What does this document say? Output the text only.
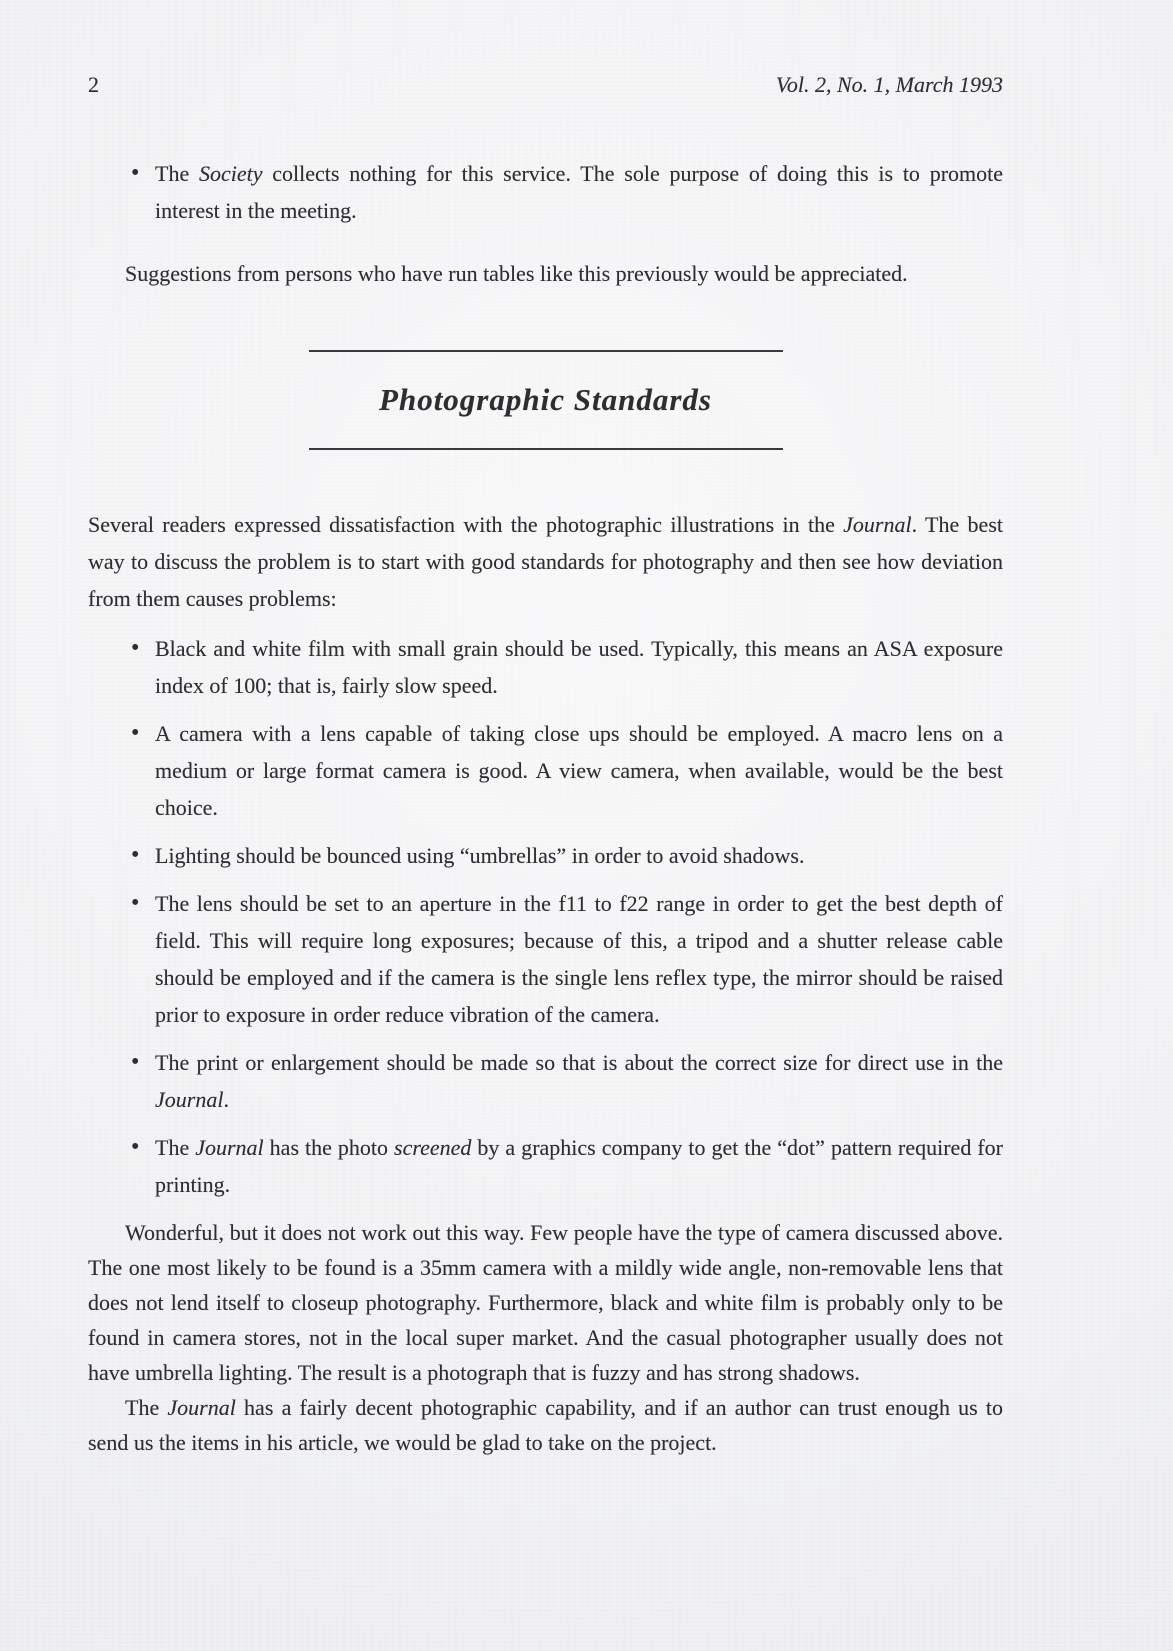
2	Vol. 2, No. 1, March 1993
• The Society collects nothing for this service. The sole purpose of doing this is to promote interest in the meeting.

Suggestions from persons who have run tables like this previously would be appreciated.

Photographic Standards

Several readers expressed dissatisfaction with the photographic illustrations in the Journal. The best way to discuss the problem is to start with good standards for photography and then see how deviation from them causes problems:

• Black and white film with small grain should be used. Typically, this means an ASA exposure index of 100; that is, fairly slow speed.
• A camera with a lens capable of taking close ups should be employed. A macro lens on a medium or large format camera is good. A view camera, when available, would be the best choice.
• Lighting should be bounced using “umbrellas” in order to avoid shadows.
• The lens should be set to an aperture in the f11 to f22 range in order to get the best depth of field. This will require long exposures; because of this, a tripod and a shutter release cable should be employed and if the camera is the single lens reflex type, the mirror should be raised prior to exposure in order reduce vibration of the camera.
• The print or enlargement should be made so that is about the correct size for direct use in the Journal.
• The Journal has the photo screened by a graphics company to get the “dot” pattern required for printing.

Wonderful, but it does not work out this way. Few people have the type of camera discussed above. The one most likely to be found is a 35mm camera with a mildly wide angle, non-removable lens that does not lend itself to closeup photography. Furthermore, black and white film is probably only to be found in camera stores, not in the local super market. And the casual photographer usually does not have umbrella lighting. The result is a photograph that is fuzzy and has strong shadows.

The Journal has a fairly decent photographic capability, and if an author can trust enough us to send us the items in his article, we would be glad to take on the project.
